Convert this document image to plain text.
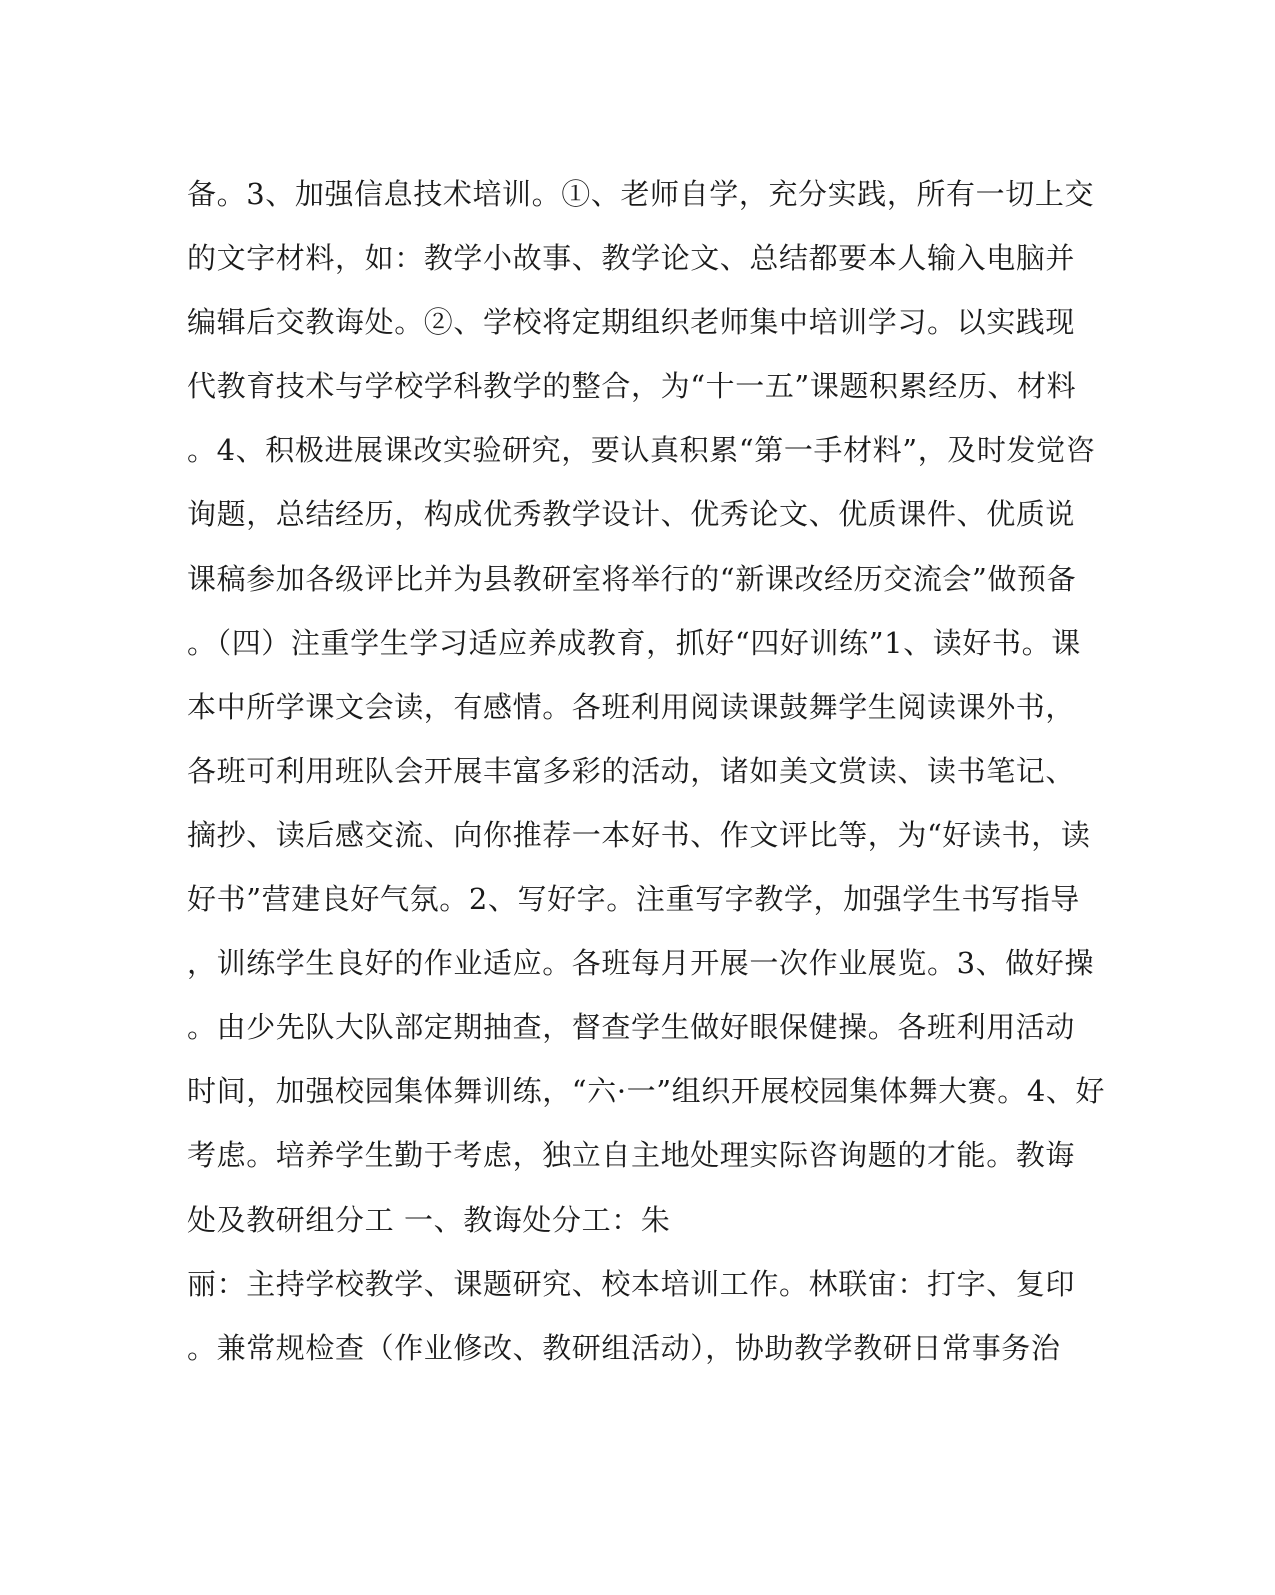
备。3、加强信息技术培训。①、老师自学，充分实践，所有一切上交
的文字材料，如：教学小故事、教学论文、总结都要本人输入电脑并
编辑后交教诲处。②、学校将定期组织老师集中培训学习。以实践现
代教育技术与学校学科教学的整合，为“十一五”课题积累经历、材料
。4、积极进展课改实验研究，要认真积累“第一手材料”，及时发觉咨
询题，总结经历，构成优秀教学设计、优秀论文、优质课件、优质说
课稿参加各级评比并为县教研室将举行的“新课改经历交流会”做预备
。（四）注重学生学习适应养成教育，抓好“四好训练”1、读好书。课
本中所学课文会读，有感情。各班利用阅读课鼓舞学生阅读课外书，
各班可利用班队会开展丰富多彩的活动，诸如美文赏读、读书笔记、
摘抄、读后感交流、向你推荐一本好书、作文评比等，为“好读书，读
好书”营建良好气氛。2、写好字。注重写字教学，加强学生书写指导
，训练学生良好的作业适应。各班每月开展一次作业展览。3、做好操
。由少先队大队部定期抽查，督查学生做好眼保健操。各班利用活动
时间，加强校园集体舞训练，“六·一”组织开展校园集体舞大赛。4、好
考虑。培养学生勤于考虑，独立自主地处理实际咨询题的才能。教诲
处及教研组分工 一、教诲处分工：朱
丽：主持学校教学、课题研究、校本培训工作。林联宙：打字、复印
。兼常规检查（作业修改、教研组活动），协助教学教研日常事务治
